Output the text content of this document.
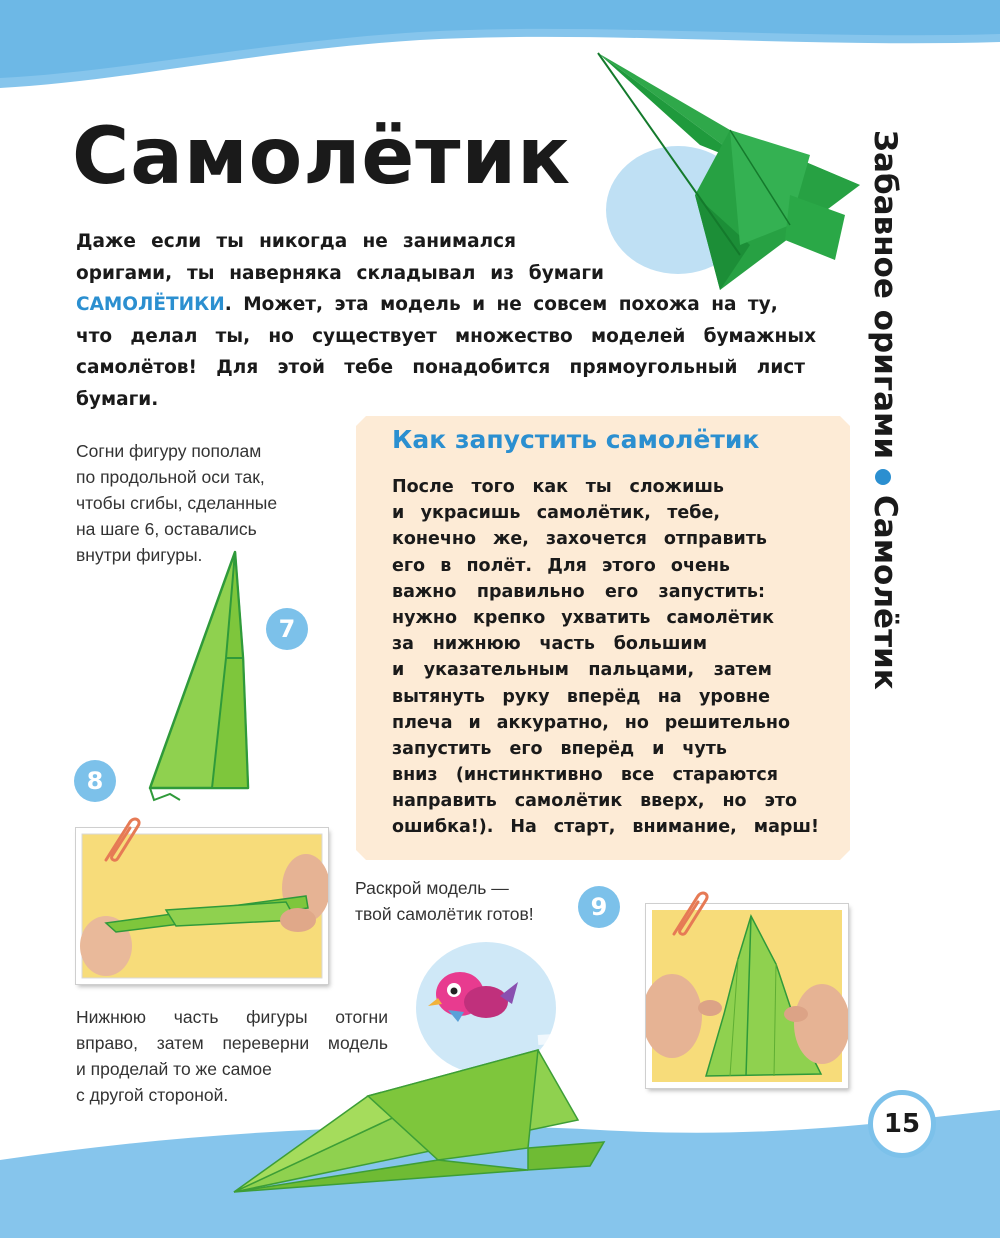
Самолётик
Даже если ты никогда не занимался
оригами, ты наверняка складывал из бумаги
САМОЛЁТИКИ. Может, эта модель и не совсем похожа на ту,
что делал ты, но существует множество моделей бумажных
самолётов! Для этой тебе понадобится прямоугольный лист
бумаги.	Забавное оригамиСамолётик
Согни фигуру пополам
по продольной оси так,
чтобы сгибы, сделанные
на шаге 6, оставались
внутри фигуры.
7
8
Нижнюю часть фигуры отогни
вправо, затем переверни модель
и проделай то же самое
с другой стороной.
Как запустить самолётик
После того как ты сложишь
и украсишь самолётик, тебе,
конечно же, захочется отправить
его в полёт. Для этого очень
важно правильно его запустить:
нужно крепко ухватить самолётик
за нижнюю часть большим
и указательным пальцами, затем
вытянуть руку вперёд на уровне
плеча и аккуратно, но решительно
запустить его вперёд и чуть
вниз (инстинктивно все стараются
направить самолётик вверх, но это
ошибка!). На старт, внимание, марш!
Раскрой модель —
твой самолётик готов!	9
15
